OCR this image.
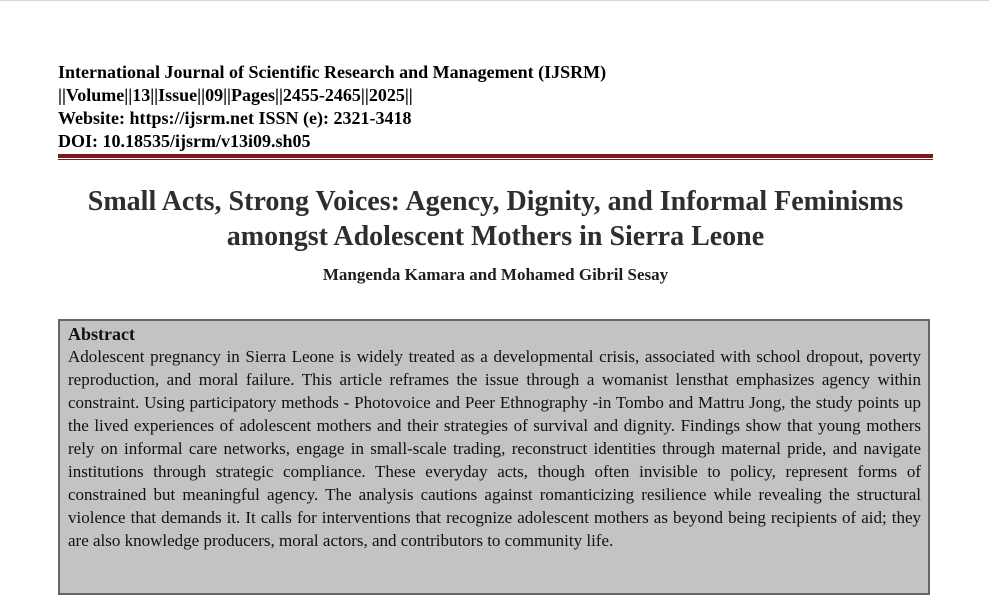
International Journal of Scientific Research and Management (IJSRM)
||Volume||13||Issue||09||Pages||2455-2465||2025||
Website: https://ijsrm.net ISSN (e): 2321-3418
DOI: 10.18535/ijsrm/v13i09.sh05
Small Acts, Strong Voices: Agency, Dignity, and Informal Feminisms amongst Adolescent Mothers in Sierra Leone
Mangenda Kamara and Mohamed Gibril Sesay
Abstract
Adolescent pregnancy in Sierra Leone is widely treated as a developmental crisis, associated with school dropout, poverty reproduction, and moral failure. This article reframes the issue through a womanist lensthat emphasizes agency within constraint. Using participatory methods - Photovoice and Peer Ethnography -in Tombo and Mattru Jong, the study points up the lived experiences of adolescent mothers and their strategies of survival and dignity. Findings show that young mothers rely on informal care networks, engage in small-scale trading, reconstruct identities through maternal pride, and navigate institutions through strategic compliance. These everyday acts, though often invisible to policy, represent forms of constrained but meaningful agency. The analysis cautions against romanticizing resilience while revealing the structural violence that demands it. It calls for interventions that recognize adolescent mothers as beyond being recipients of aid; they are also knowledge producers, moral actors, and contributors to community life.
